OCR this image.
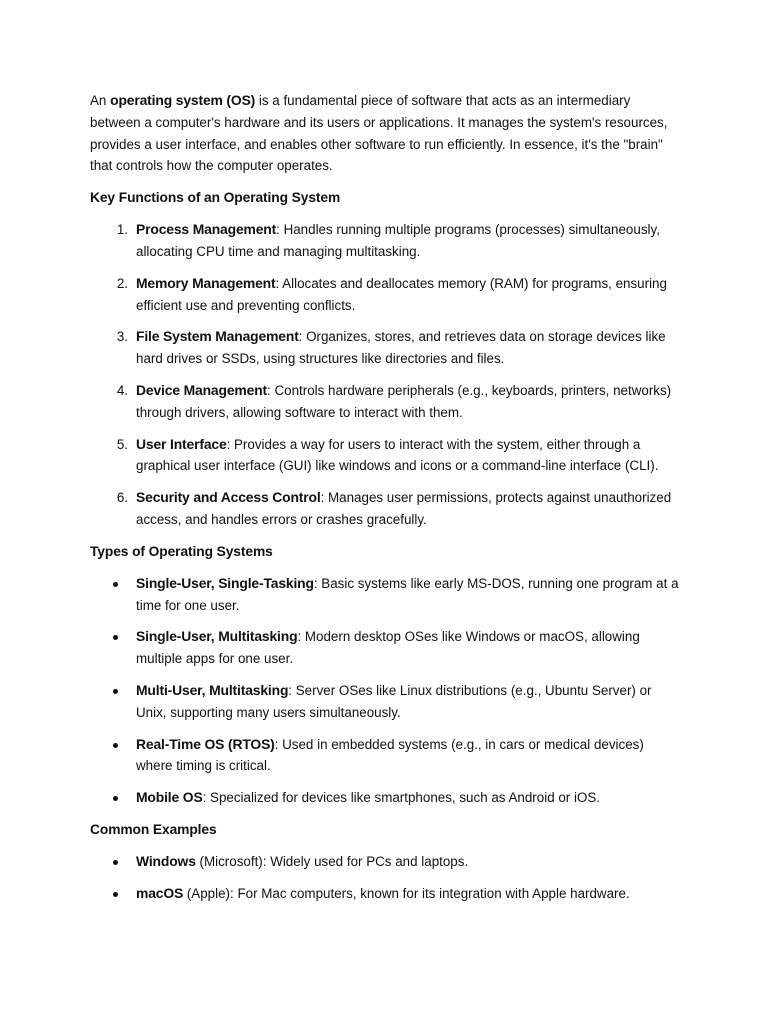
An operating system (OS) is a fundamental piece of software that acts as an intermediary between a computer's hardware and its users or applications. It manages the system's resources, provides a user interface, and enables other software to run efficiently. In essence, it's the "brain" that controls how the computer operates.

Key Functions of an Operating System
1. Process Management: Handles running multiple programs (processes) simultaneously, allocating CPU time and managing multitasking.
2. Memory Management: Allocates and deallocates memory (RAM) for programs, ensuring efficient use and preventing conflicts.
3. File System Management: Organizes, stores, and retrieves data on storage devices like hard drives or SSDs, using structures like directories and files.
4. Device Management: Controls hardware peripherals (e.g., keyboards, printers, networks) through drivers, allowing software to interact with them.
5. User Interface: Provides a way for users to interact with the system, either through a graphical user interface (GUI) like windows and icons or a command-line interface (CLI).
6. Security and Access Control: Manages user permissions, protects against unauthorized access, and handles errors or crashes gracefully.
Types of Operating Systems
Single-User, Single-Tasking: Basic systems like early MS-DOS, running one program at a time for one user.
Single-User, Multitasking: Modern desktop OSes like Windows or macOS, allowing multiple apps for one user.
Multi-User, Multitasking: Server OSes like Linux distributions (e.g., Ubuntu Server) or Unix, supporting many users simultaneously.
Real-Time OS (RTOS): Used in embedded systems (e.g., in cars or medical devices) where timing is critical.
Mobile OS: Specialized for devices like smartphones, such as Android or iOS.
Common Examples
Windows (Microsoft): Widely used for PCs and laptops.
macOS (Apple): For Mac computers, known for its integration with Apple hardware.
